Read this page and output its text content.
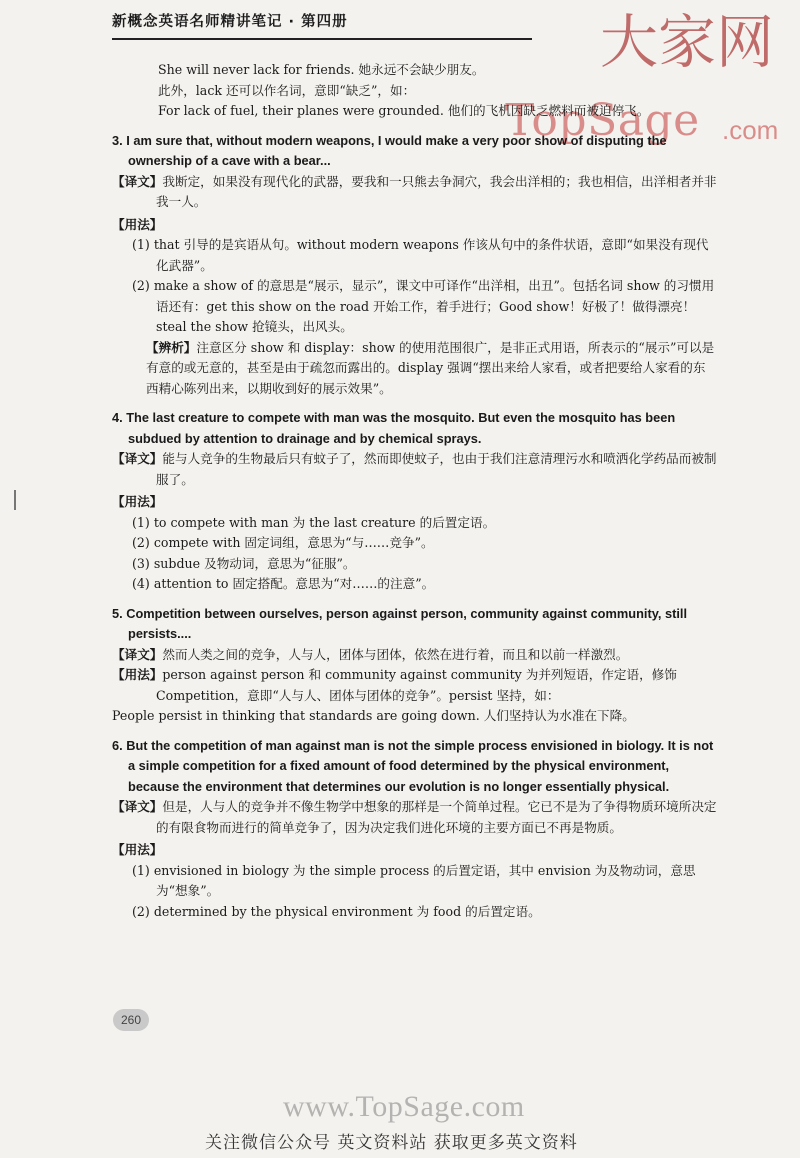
新概念英语名师精讲笔记 · 第四册	大家网
TopSage .com

She will never lack for friends. 她永远不会缺少朋友。

此外，lack 还可以作名词，意即“缺乏”，如：

For lack of fuel, their planes were grounded. 他们的飞机因缺乏燃料而被迫停飞。

3. I am sure that, without modern weapons, I would make a very poor show of disputing the ownership of a cave with a bear...

【译文】我断定，如果没有现代化的武器，要我和一只熊去争洞穴，我会出洋相的；我也相信，出洋相者并非我一人。

【用法】

(1) that 引导的是宾语从句。without modern weapons 作该从句中的条件状语，意即“如果没有现代化武器”。

(2) make a show of 的意思是“展示，显示”，课文中可译作“出洋相，出丑”。包括名词 show 的习惯用语还有：get this show on the road 开始工作，着手进行；Good show！好极了！做得漂亮！steal the show 抢镜头，出风头。

【辨析】注意区分 show 和 display：show 的使用范围很广，是非正式用语，所表示的“展示”可以是有意的或无意的，甚至是由于疏忽而露出的。display 强调“摆出来给人家看，或者把要给人家看的东西精心陈列出来，以期收到好的展示效果”。

4. The last creature to compete with man was the mosquito. But even the mosquito has been subdued by attention to drainage and by chemical sprays.

【译文】能与人竞争的生物最后只有蚊子了，然而即使蚊子，也由于我们注意清理污水和喷洒化学药品而被制服了。

【用法】

(1) to compete with man 为 the last creature 的后置定语。

(2) compete with 固定词组，意思为“与……竞争”。

(3) subdue 及物动词，意思为“征服”。

(4) attention to 固定搭配。意思为“对……的注意”。

5. Competition between ourselves, person against person, community against community, still persists....

【译文】然而人类之间的竞争，人与人，团体与团体，依然在进行着，而且和以前一样激烈。

【用法】person against person 和 community against community 为并列短语，作定语，修饰 Competition，意即“人与人、团体与团体的竞争”。persist 坚持，如：

People persist in thinking that standards are going down. 人们坚持认为水准在下降。

6. But the competition of man against man is not the simple process envisioned in biology. It is not a simple competition for a fixed amount of food determined by the physical environment, because the environment that determines our evolution is no longer essentially physical.

【译文】但是，人与人的竞争并不像生物学中想象的那样是一个简单过程。它已不是为了争得物质环境所决定的有限食物而进行的简单竞争了，因为决定我们进化环境的主要方面已不再是物质。

【用法】

(1) envisioned in biology 为 the simple process 的后置定语，其中 envision 为及物动词，意思为“想象”。

(2) determined by the physical environment 为 food 的后置定语。

260
www.TopSage.com
关注微信公众号 英文资料站 获取更多英文资料
